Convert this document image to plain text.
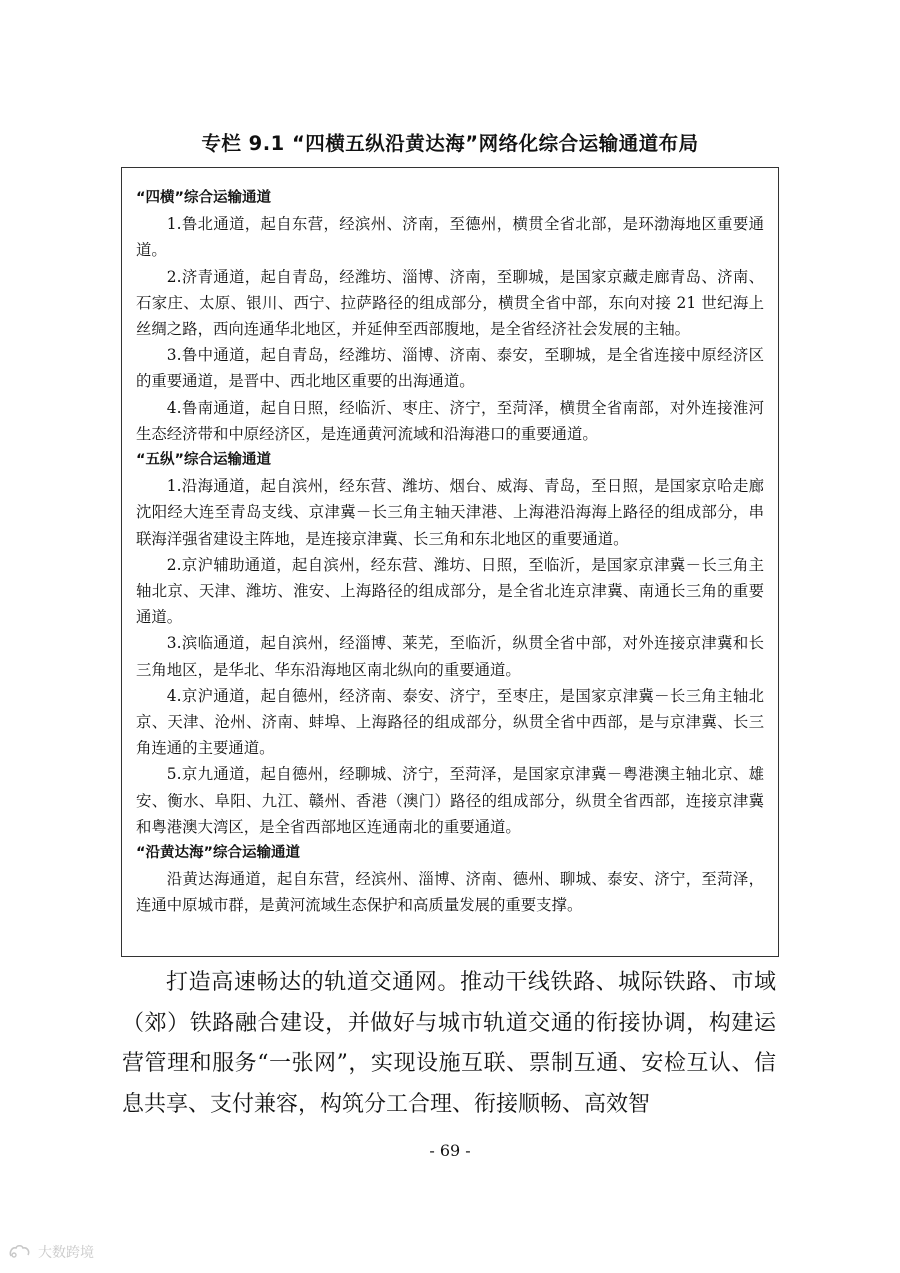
专栏 9.1 “四横五纵沿黄达海”网络化综合运输通道布局

“四横”综合运输通道

1.鲁北通道，起自东营，经滨州、济南，至德州，横贯全省北部，是环渤海地区重要通道。

2.济青通道，起自青岛，经潍坊、淄博、济南，至聊城，是国家京藏走廊青岛、济南、石家庄、太原、银川、西宁、拉萨路径的组成部分，横贯全省中部，东向对接 21 世纪海上丝绸之路，西向连通华北地区，并延伸至西部腹地，是全省经济社会发展的主轴。

3.鲁中通道，起自青岛，经潍坊、淄博、济南、泰安，至聊城，是全省连接中原经济区的重要通道，是晋中、西北地区重要的出海通道。

4.鲁南通道，起自日照，经临沂、枣庄、济宁，至菏泽，横贯全省南部，对外连接淮河生态经济带和中原经济区，是连通黄河流域和沿海港口的重要通道。

“五纵”综合运输通道

1.沿海通道，起自滨州，经东营、潍坊、烟台、威海、青岛，至日照，是国家京哈走廊沈阳经大连至青岛支线、京津冀－长三角主轴天津港、上海港沿海海上路径的组成部分，串联海洋强省建设主阵地，是连接京津冀、长三角和东北地区的重要通道。

2.京沪辅助通道，起自滨州，经东营、潍坊、日照，至临沂，是国家京津冀－长三角主轴北京、天津、潍坊、淮安、上海路径的组成部分，是全省北连京津冀、南通长三角的重要通道。

3.滨临通道，起自滨州，经淄博、莱芜，至临沂，纵贯全省中部，对外连接京津冀和长三角地区，是华北、华东沿海地区南北纵向的重要通道。

4.京沪通道，起自德州，经济南、泰安、济宁，至枣庄，是国家京津冀－长三角主轴北京、天津、沧州、济南、蚌埠、上海路径的组成部分，纵贯全省中西部，是与京津冀、长三角连通的主要通道。

5.京九通道，起自德州，经聊城、济宁，至菏泽，是国家京津冀－粤港澳主轴北京、雄安、衡水、阜阳、九江、赣州、香港（澳门）路径的组成部分，纵贯全省西部，连接京津冀和粤港澳大湾区，是全省西部地区连通南北的重要通道。

“沿黄达海”综合运输通道

沿黄达海通道，起自东营，经滨州、淄博、济南、德州、聊城、泰安、济宁，至菏泽，连通中原城市群，是黄河流域生态保护和高质量发展的重要支撑。

打造高速畅达的轨道交通网。推动干线铁路、城际铁路、市域（郊）铁路融合建设，并做好与城市轨道交通的衔接协调，构建运营管理和服务“一张网”，实现设施互联、票制互通、安检互认、信息共享、支付兼容，构筑分工合理、衔接顺畅、高效智

- 69 -
大数跨境
